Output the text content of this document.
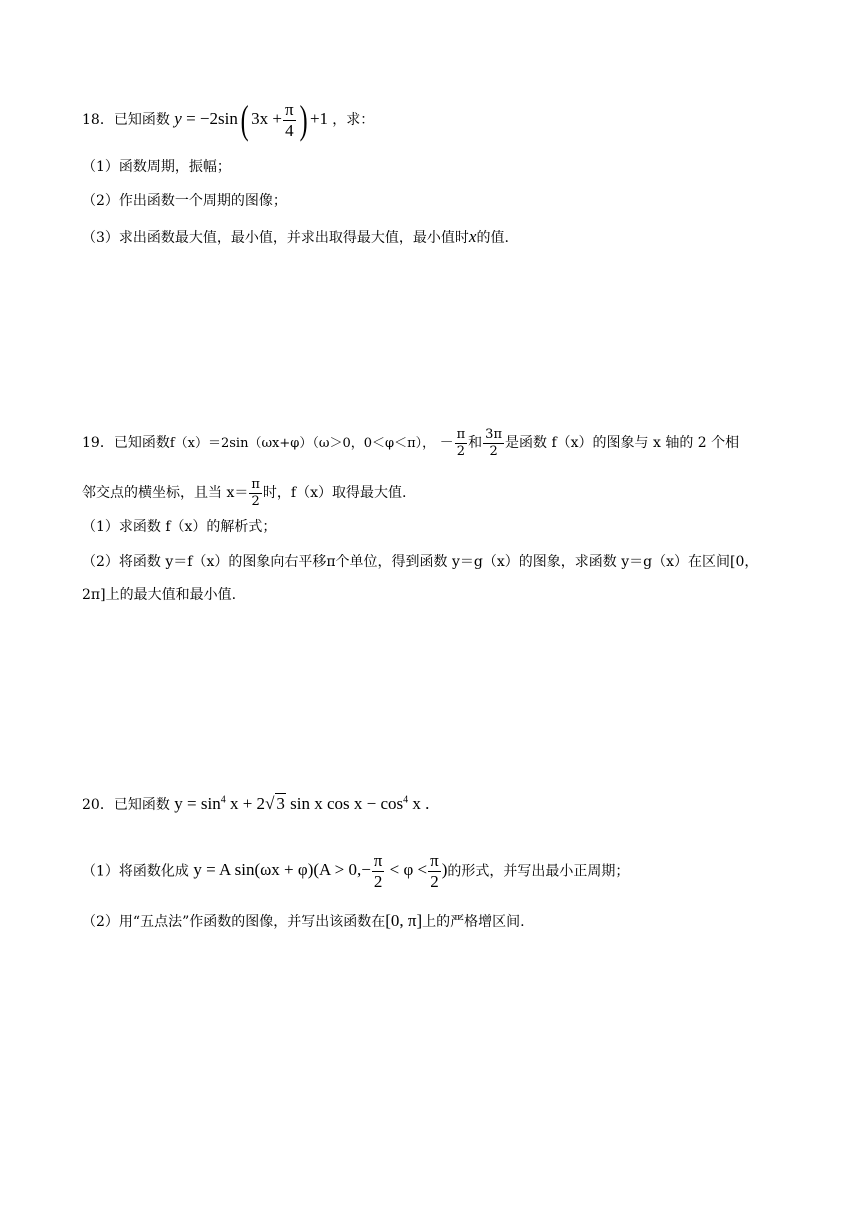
18．已知函数 y = −2sin( $3x + \frac{\pi}{4}$ ) +1 ，求：
（1）函数周期，振幅；
（2）作出函数一个周期的图像；
（3）求出函数最大值，最小值，并求出取得最大值，最小值时x的值.
19．已知函数f（x）＝2sin（ωx+φ）（ω＞0，0＜φ＜π）， － $\frac{\pi}{2}$ 和 $\frac{3\pi}{2}$ 是函数 f（x）的图象与 x 轴的 2 个相
邻交点的横坐标，且当 $x= \frac{\pi}{2}$ 时，f（x）取得最大值.
（1）求函数 f（x）的解析式；
（2）将函数 y＝f（x）的图象向右平移π个单位，得到函数 y＝g（x）的图象，求函数 y＝g（x）在区间[0，
2π]上的最大值和最小值.
20．已知函数 $y = \sin^4 x + 2√$ 3 sin x $\cos x - \cos^4 x$ .
（1）将函数化成 y = A $\sin(\omega x + \varphi)(A > 0,- \frac{\pi}{2} < \varphi < \frac{\pi}{2}$ )的形式，并写出最小正周期；
（2）用“五点法”作函数的图像，并写出该函数在[0, π]上的严格增区间.
